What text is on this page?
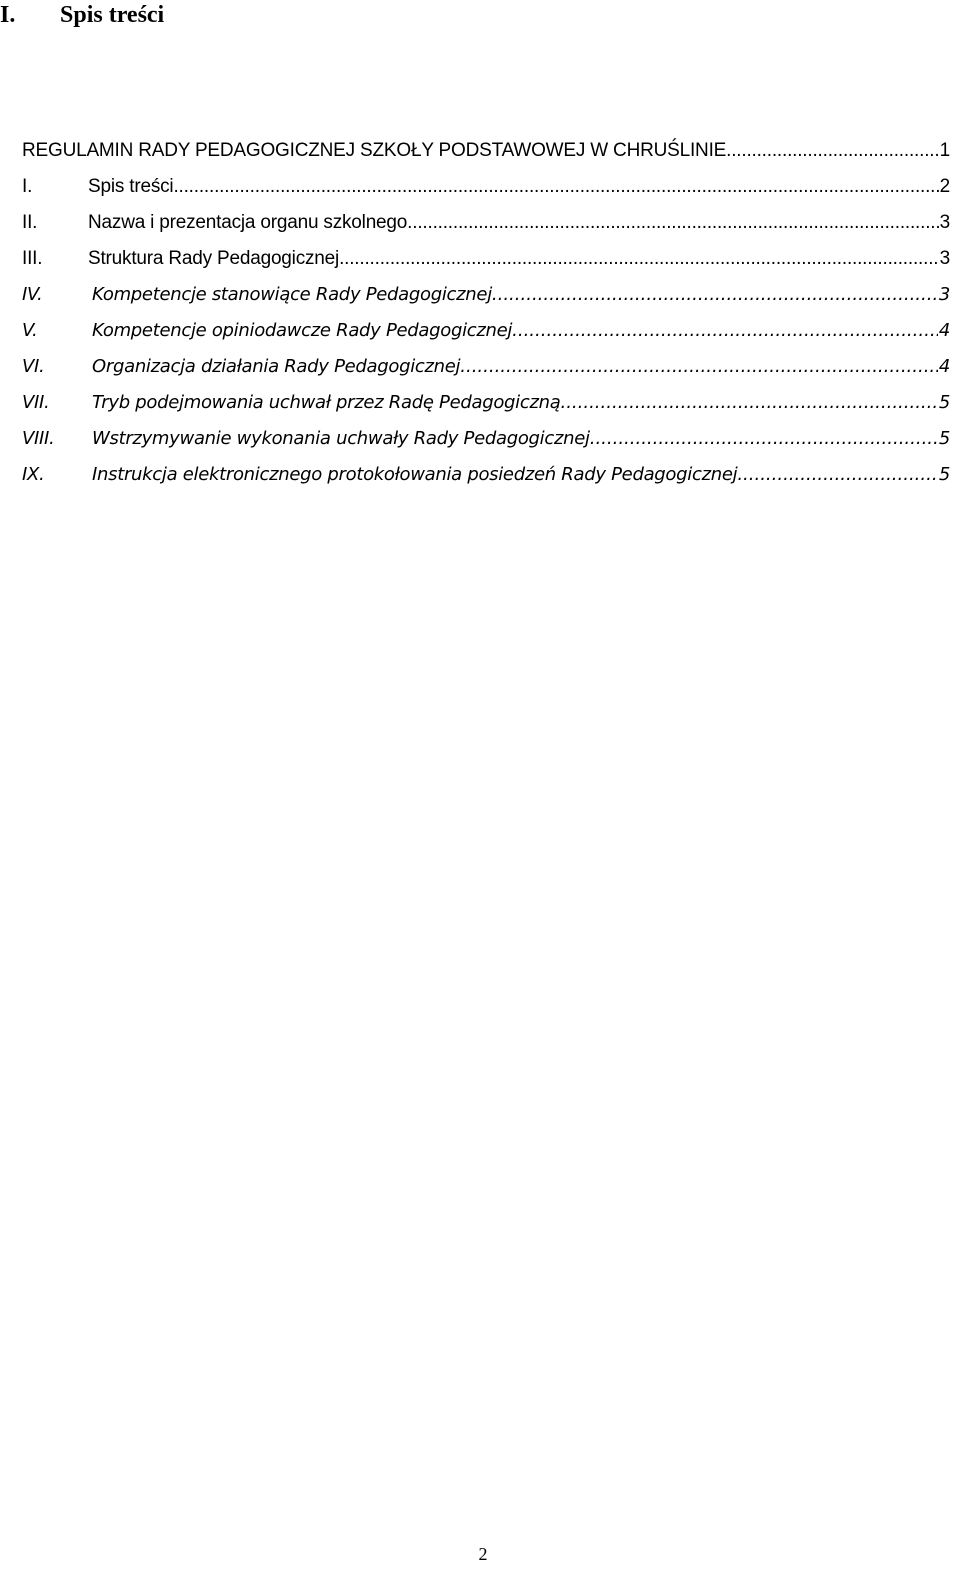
I.	Spis treści
REGULAMIN RADY PEDAGOGICZNEJ SZKOŁY PODSTAWOWEJ W CHRUŚLINIE .....	1
I.	Spis treści .....	2
II.	Nazwa i prezentacja organu szkolnego .....	3
III.	Struktura Rady Pedagogicznej .....	3
IV.	Kompetencje stanowiące Rady Pedagogicznej .....	3
V.	Kompetencje opiniodawcze Rady Pedagogicznej .....	4
VI.	Organizacja działania Rady Pedagogicznej .....	4
VII.	Tryb podejmowania uchwał przez Radę Pedagogiczną .....	5
VIII.	Wstrzymywanie wykonania uchwały Rady Pedagogicznej .....	5
IX.	Instrukcja elektronicznego protokołowania posiedzeń Rady Pedagogicznej .....	5
2
